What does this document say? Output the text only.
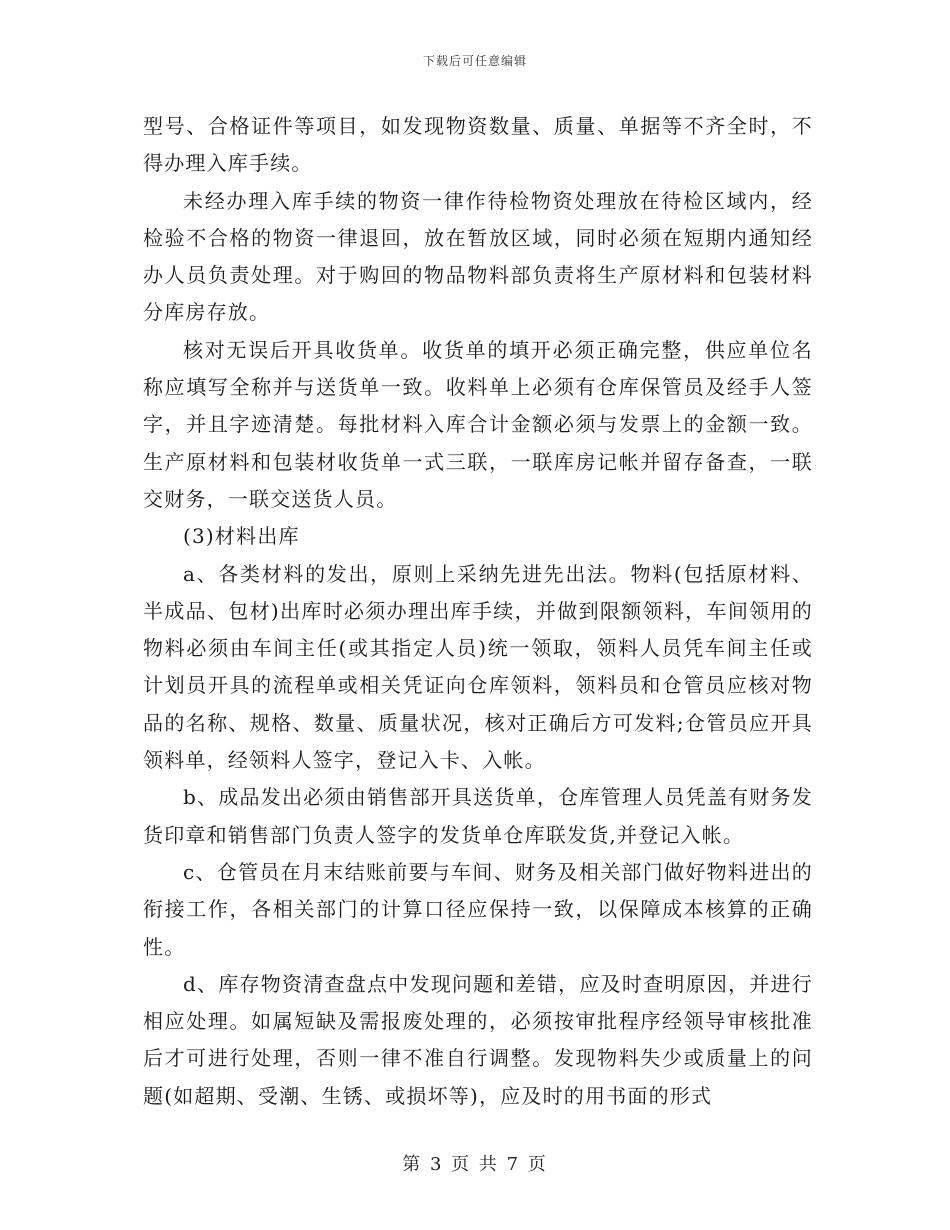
下载后可任意编辑

型号、合格证件等项目，如发现物资数量、质量、单据等不齐全时，不得办理入库手续。

未经办理入库手续的物资一律作待检物资处理放在待检区域内，经检验不合格的物资一律退回，放在暂放区域，同时必须在短期内通知经办人员负责处理。对于购回的物品物料部负责将生产原材料和包装材料分库房存放。

核对无误后开具收货单。收货单的填开必须正确完整，供应单位名称应填写全称并与送货单一致。收料单上必须有仓库保管员及经手人签字，并且字迹清楚。每批材料入库合计金额必须与发票上的金额一致。生产原材料和包装材收货单一式三联，一联库房记帐并留存备查，一联交财务，一联交送货人员。

(3)材料出库

a、各类材料的发出，原则上采纳先进先出法。物料(包括原材料、半成品、包材)出库时必须办理出库手续，并做到限额领料，车间领用的物料必须由车间主任(或其指定人员)统一领取，领料人员凭车间主任或计划员开具的流程单或相关凭证向仓库领料，领料员和仓管员应核对物品的名称、规格、数量、质量状况，核对正确后方可发料;仓管员应开具领料单，经领料人签字，登记入卡、入帐。

b、成品发出必须由销售部开具送货单，仓库管理人员凭盖有财务发货印章和销售部门负责人签字的发货单仓库联发货,并登记入帐。

c、仓管员在月末结账前要与车间、财务及相关部门做好物料进出的衔接工作，各相关部门的计算口径应保持一致，以保障成本核算的正确性。

d、库存物资清查盘点中发现问题和差错，应及时查明原因，并进行相应处理。如属短缺及需报废处理的，必须按审批程序经领导审核批准后才可进行处理，否则一律不准自行调整。发现物料失少或质量上的问题(如超期、受潮、生锈、或损坏等)，应及时的用书面的形式

第 3 页 共 7 页
